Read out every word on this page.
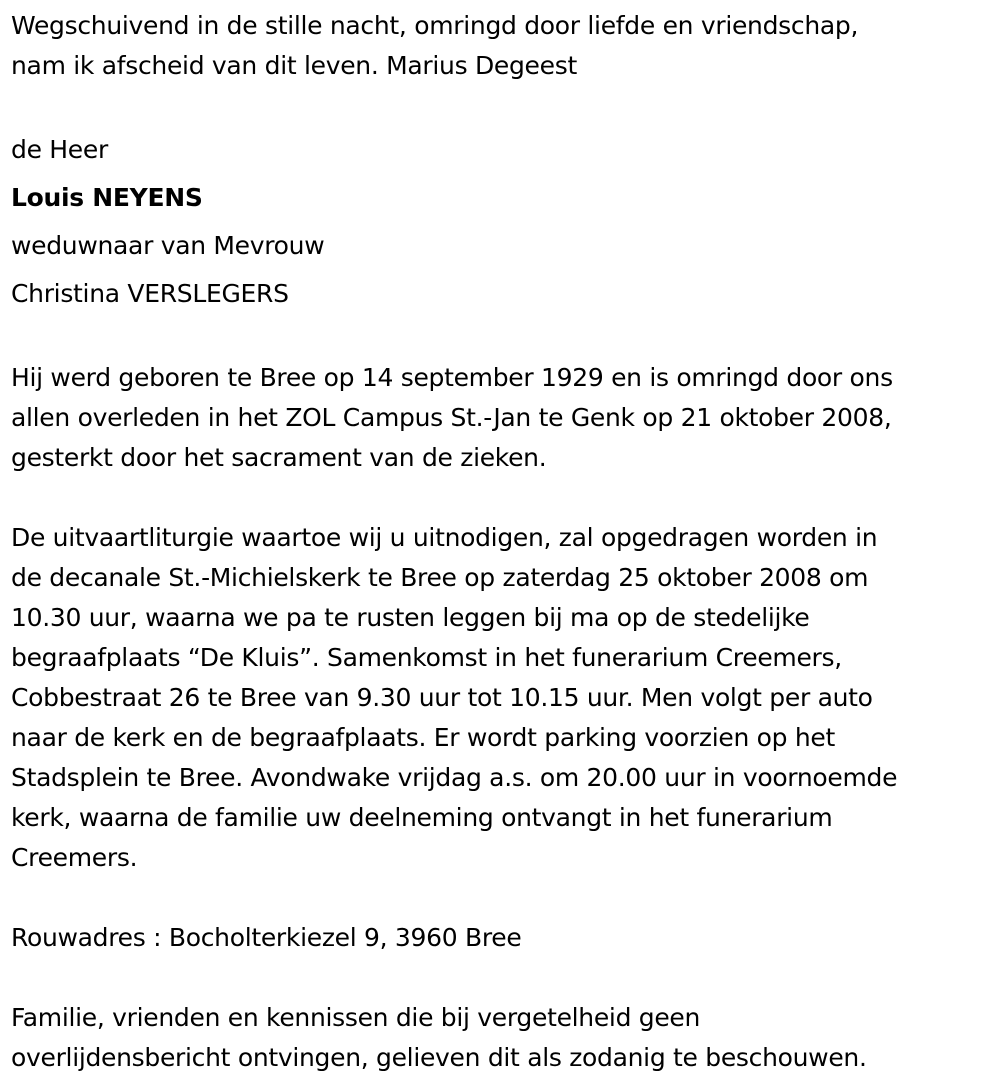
Wegschuivend in de stille nacht, omringd door liefde en vriendschap,
nam ik afscheid van dit leven. Marius Degeest

de Heer
Louis NEYENS
weduwnaar van Mevrouw
Christina VERSLEGERS

Hij werd geboren te Bree op 14 september 1929 en is omringd door ons
allen overleden in het ZOL Campus St.-Jan te Genk op 21 oktober 2008,
gesterkt door het sacrament van de zieken.

De uitvaartliturgie waartoe wij u uitnodigen, zal opgedragen worden in
de decanale St.-Michielskerk te Bree op zaterdag 25 oktober 2008 om
10.30 uur, waarna we pa te rusten leggen bij ma op de stedelijke
begraafplaats “De Kluis”. Samenkomst in het funerarium Creemers,
Cobbestraat 26 te Bree van 9.30 uur tot 10.15 uur. Men volgt per auto
naar de kerk en de begraafplaats. Er wordt parking voorzien op het
Stadsplein te Bree. Avondwake vrijdag a.s. om 20.00 uur in voornoemde
kerk, waarna de familie uw deelneming ontvangt in het funerarium
Creemers.

Rouwadres : Bocholterkiezel 9, 3960 Bree

Familie, vrienden en kennissen die bij vergetelheid geen
overlijdensbericht ontvingen, gelieven dit als zodanig te beschouwen.
